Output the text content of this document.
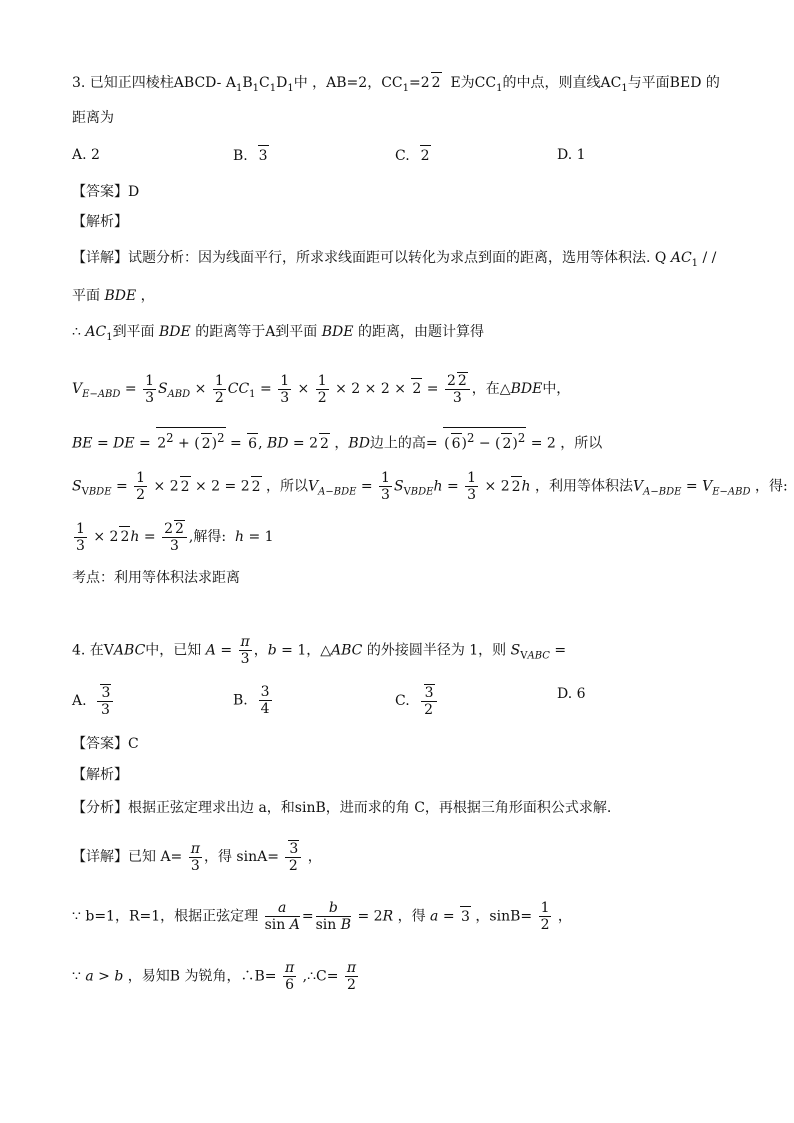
3. 已知正四棱柱ABCD- $A_1B_1C_1D_1$中 ，AB=2，$CC_1=2$ 2  E为$CC_1$的中点，则直线$AC_1$与平面BED 的
距离为
A. 2	B.  3	C.  2	D. 1
【答案】D
【解析】
【详解】试题分析：因为线面平行，所求求线面距可以转化为求点到面的距离，选用等体积法. Q $AC_1$ / /
平面 BDE ，
∴ $AC_1$到平面 BDE 的距离等于A到平面 BDE 的距离，由题计算得
$V_{E-ABD} = \frac{1}{3} S_{ABD} \times \frac{1}{2} CC_1 = \frac{1}{3} \times \frac{1}{2} \times 2 \times 2 \times 2 = \frac{2 2}{3}$ ，在△BDE中，
BE = DE = $2^2$ + ( 2)$^2$ = 6, BD = 2 2 ，BD边上的高= ( 6)$^2$ − ( 2)$^2$ = 2 ，所以
$S_{VBDE} = \frac{1}{2} \times 2$ 2 × 2 = 2 2 ，所以$V_{A-BDE} = \frac{1}{3} S_{VBDE}h = \frac{1}{3} \times 2$ 2h ，利用等体积法$V_{A-BDE} = V_{E-ABD}$ ，得:
$\frac{1}{3} \times 2$ $2h = \frac{2 2}{3}$ ,解得:  h = 1
考点：利用等体积法求距离
4. 在VABC中，已知 $A = \frac{\pi}{3}$ ，b = 1，△ABC 的外接圆半径为 1，则 $S_{VABC}$ =
A. $\frac{3}{3}$	B. $\frac{3}{4}$	C. $\frac{3}{2}$	D. 6
【答案】C
【解析】
【分析】根据正弦定理求出边 a，和sinB，进而求的角 C，再根据三角形面积公式求解.
【详解】已知 $A= \frac{\pi}{3}$ ，得 $\sin A= \frac{3}{2}$ ，
∵ b=1，R=1，根据正弦定理 $\frac{a}{\text{sin A}} = \frac{b}{\text{sin B}} = 2R$ ，得 a = 3 ，$\sin B= \frac{1}{2}$ ，
∵ a > b ，易知B 为锐角，∴B= $\frac{\pi}{6}$ ,∴C= $\frac{\pi}{2}$
